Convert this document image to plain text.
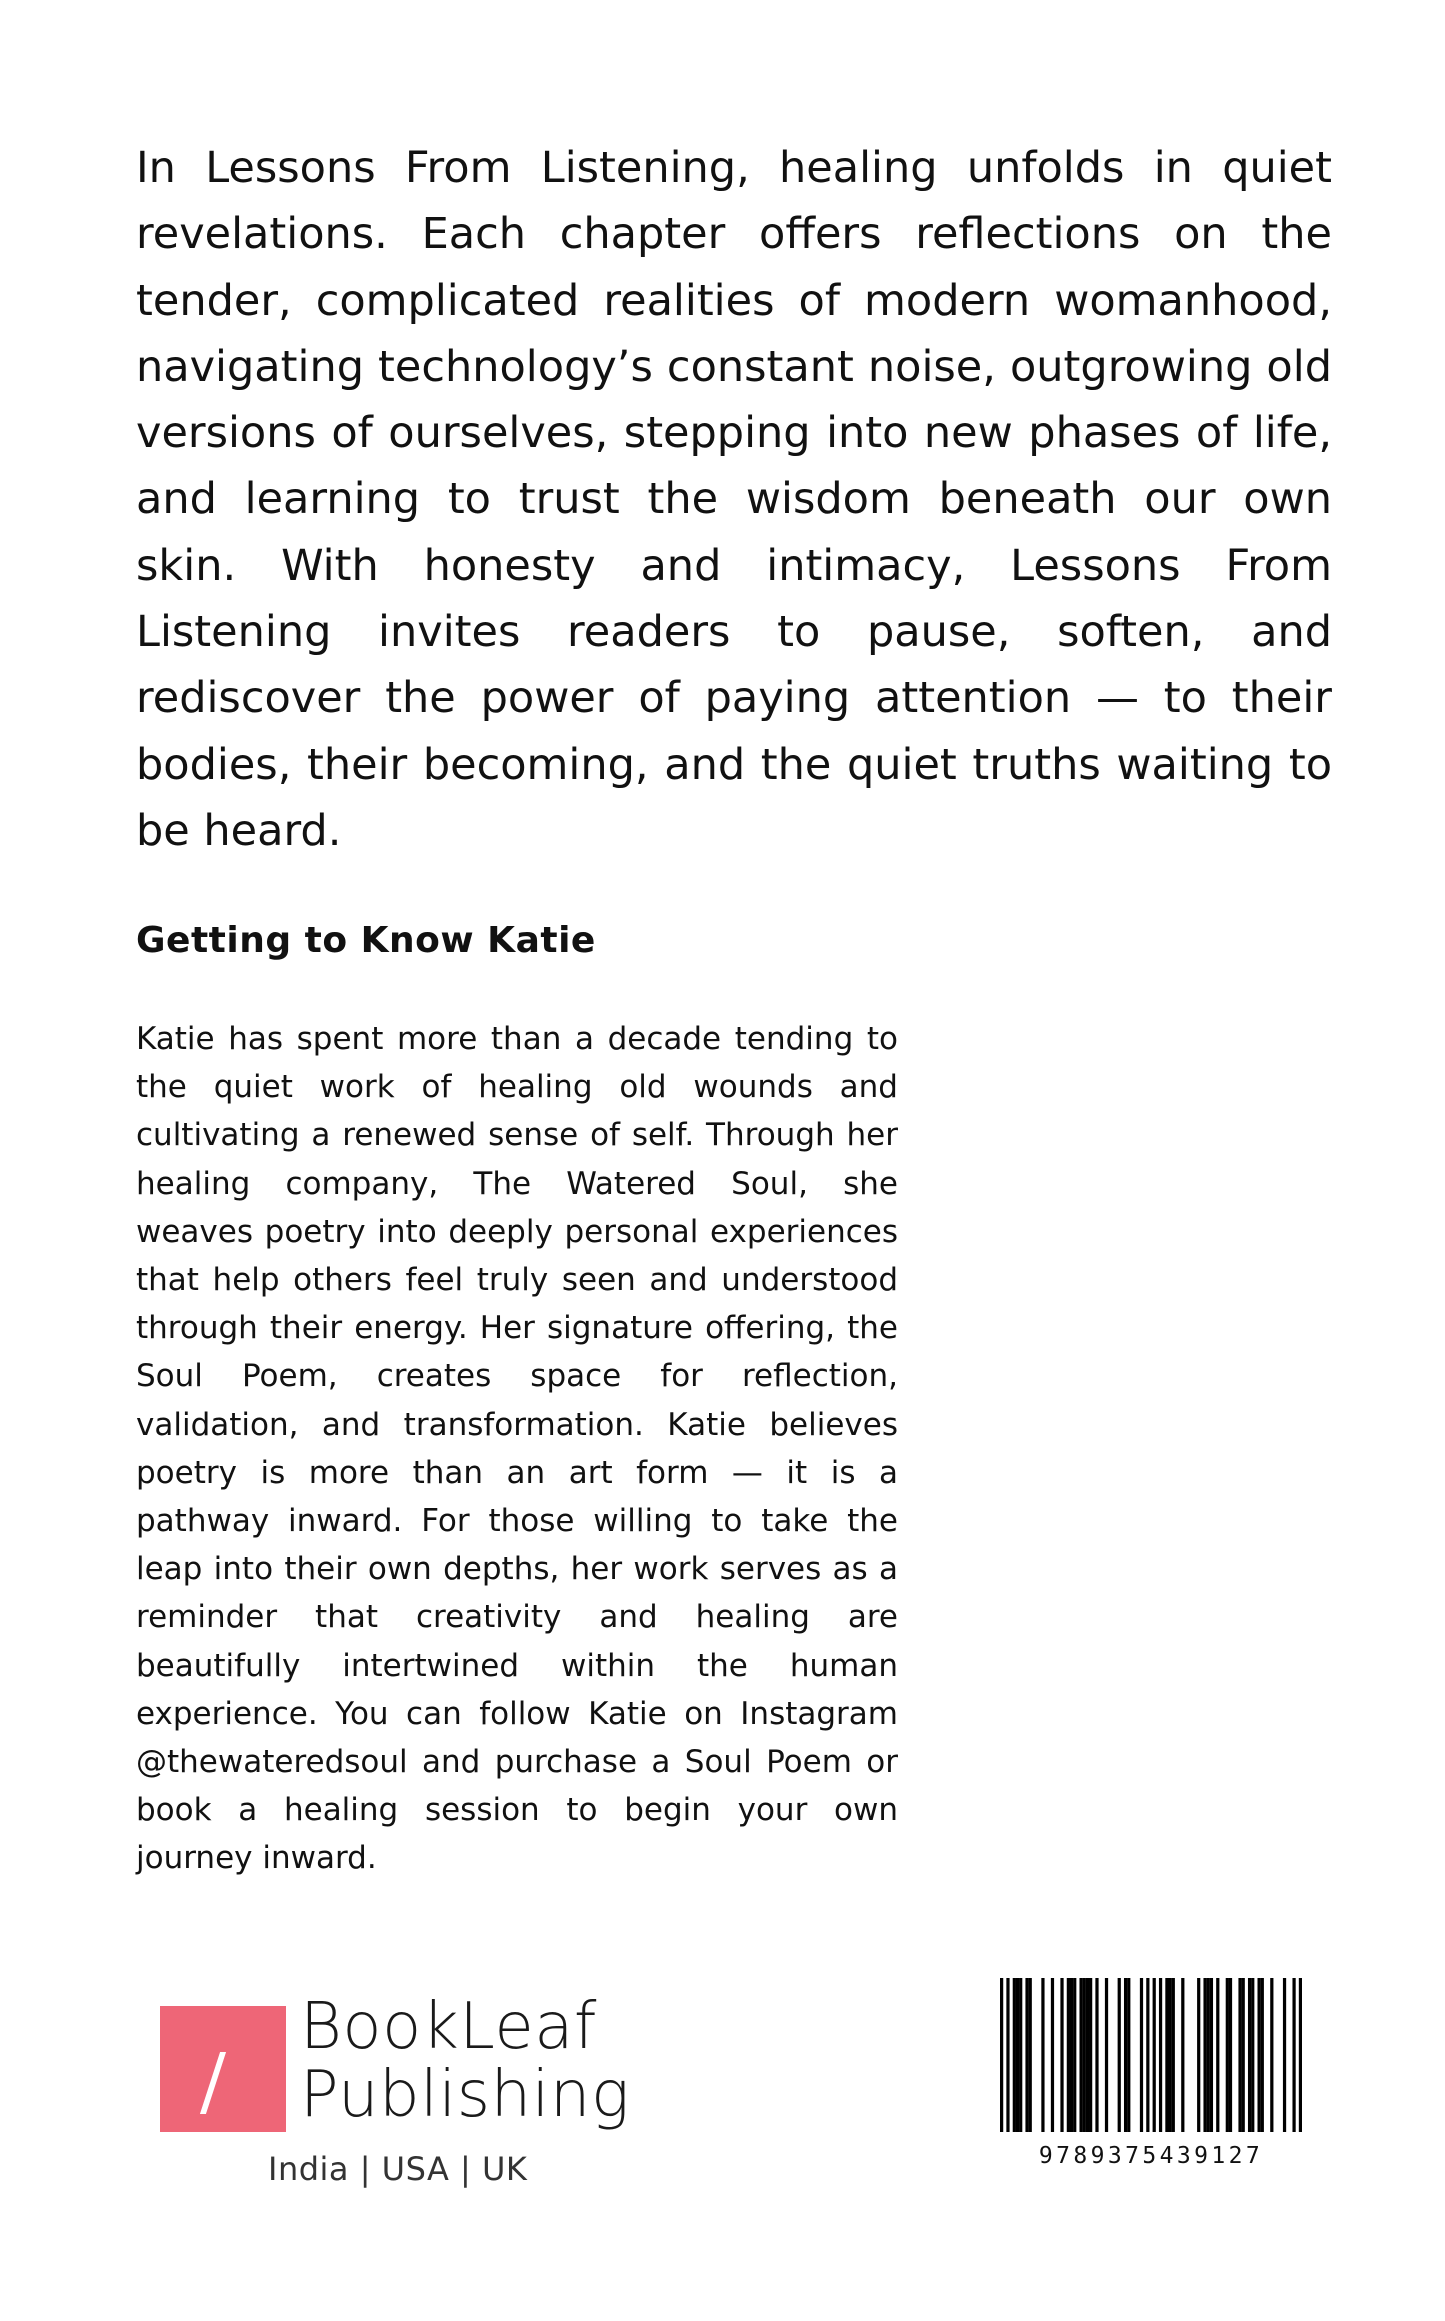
In Lessons From Listening, healing unfolds in quiet revelations. Each chapter offers reflections on the tender, complicated realities of modern womanhood, navigating technology’s constant noise, outgrowing old versions of ourselves, stepping into new phases of life, and learning to trust the wisdom beneath our own skin. With honesty and intimacy, Lessons From Listening invites readers to pause, soften, and rediscover the power of paying attention — to their bodies, their becoming, and the quiet truths waiting to be heard.

Getting to Know Katie

Katie has spent more than a decade tending to the quiet work of healing old wounds and cultivating a renewed sense of self. Through her healing company, The Watered Soul, she weaves poetry into deeply personal experiences that help others feel truly seen and understood through their energy. Her signature offering, the Soul Poem, creates space for reflection, validation, and transformation. Katie believes poetry is more than an art form — it is a pathway inward. For those willing to take the leap into their own depths, her work serves as a reminder that creativity and healing are beautifully intertwined within the human experience. You can follow Katie on Instagram @thewateredsoul and purchase a Soul Poem or book a healing session to begin your own journey inward.

BookLeaf
Publishing
India | USA | UK	9789375439127
